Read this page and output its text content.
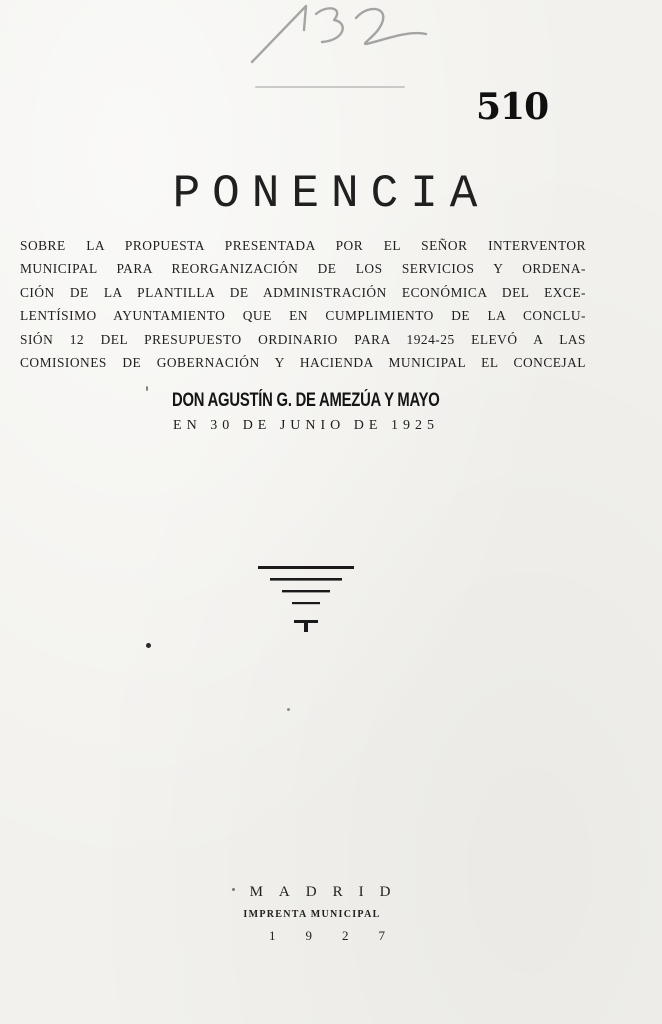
510
PONENCIA
SOBRE LA PROPUESTA PRESENTADA POR EL SEÑOR INTERVENTOR
MUNICIPAL PARA REORGANIZACIÓN DE LOS SERVICIOS Y ORDENA-
CIÓN DE LA PLANTILLA DE ADMINISTRACIÓN ECONÓMICA DEL EXCE-
LENTÍSIMO AYUNTAMIENTO QUE EN CUMPLIMIENTO DE LA CONCLU-
SIÓN 12 DEL PRESUPUESTO ORDINARIO PARA 1924-25 ELEVÓ A LAS
COMISIONES DE GOBERNACIÓN Y HACIENDA MUNICIPAL EL CONCEJAL
DON AGUSTÍN G. DE AMEZÚA Y MAYO
EN 30 DE JUNIO DE 1925
MADRID
IMPRENTA MUNICIPAL
1927
